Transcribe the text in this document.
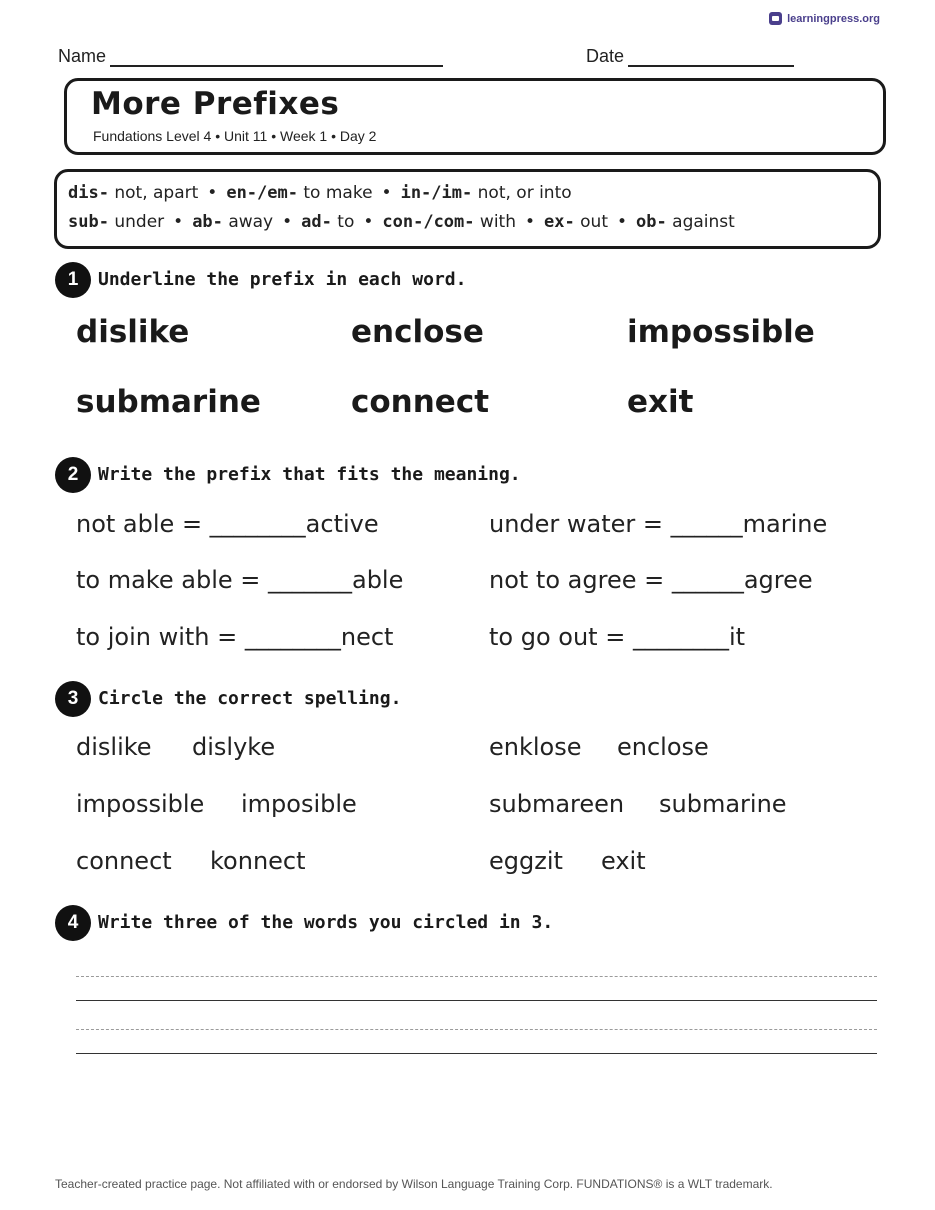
learningpress.org
Name	Date
More Prefixes
Fundations Level 4 • Unit 11 • Week 1 • Day 2
dis- not, apart • en-/em- to make • in-/im- not, or into
sub- under • ab- away • ad- to • con-/com- with • ex- out • ob- against
1	Underline the prefix in each word.
dislike	enclose	impossible
submarine	connect	exit
2	Write the prefix that fits the meaning.
not able = ________active	under water = ______marine
to make able = _______able	not to agree = ______agree
to join with = ________nect	to go out = ________it
3	Circle the correct spelling.
dislike dislyke	enklose enclose
impossible imposible	submareen submarine
connect konnect	eggzit exit
4	Write three of the words you circled in 3.
Teacher-created practice page. Not affiliated with or endorsed by Wilson Language Training Corp. FUNDATIONS® is a WLT trademark.
